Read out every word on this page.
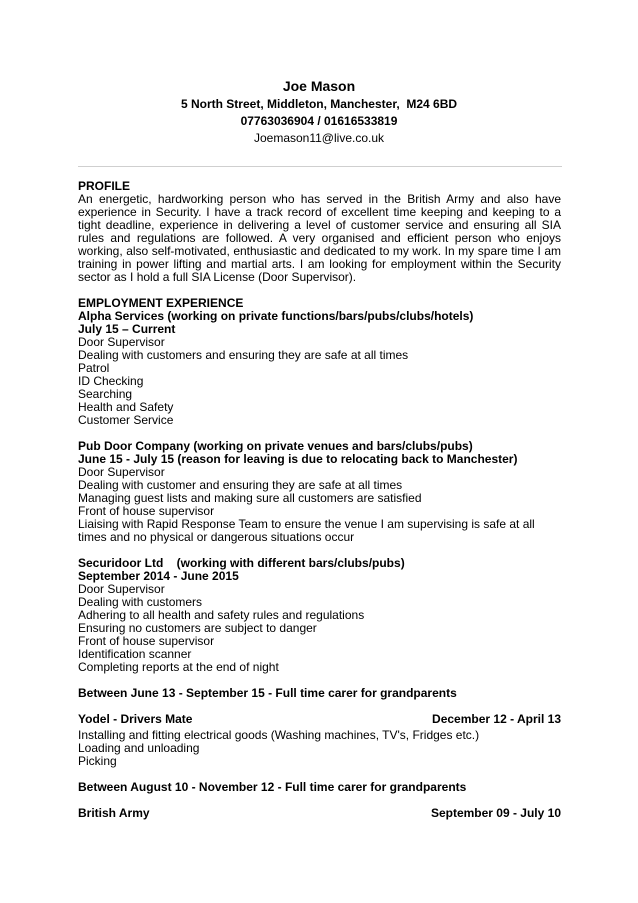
Joe Mason
5 North Street, Middleton, Manchester,  M24 6BD
07763036904 / 01616533819
Joemason11@live.co.uk
PROFILE

An energetic, hardworking person who has served in the British Army and also have experience in Security. I have a track record of excellent time keeping and keeping to a tight deadline, experience in delivering a level of customer service and ensuring all SIA rules and regulations are followed. A very organised and efficient person who enjoys working, also self-motivated, enthusiastic and dedicated to my work. In my spare time I am training in power lifting and martial arts. I am looking for employment within the Security sector as I hold a full SIA License (Door Supervisor).

EMPLOYMENT EXPERIENCE
Alpha Services (working on private functions/bars/pubs/clubs/hotels)
July 15 – Current
Door Supervisor
Dealing with customers and ensuring they are safe at all times
Patrol
ID Checking
Searching
Health and Safety
Customer Service
Pub Door Company (working on private venues and bars/clubs/pubs)
June 15 - July 15 (reason for leaving is due to relocating back to Manchester)
Door Supervisor
Dealing with customer and ensuring they are safe at all times
Managing guest lists and making sure all customers are satisfied
Front of house supervisor
Liaising with Rapid Response Team to ensure the venue I am supervising is safe at all times and no physical or dangerous situations occur
Securidoor Ltd    (working with different bars/clubs/pubs)
September 2014 - June 2015
Door Supervisor
Dealing with customers
Adhering to all health and safety rules and regulations
Ensuring no customers are subject to danger
Front of house supervisor
Identification scanner
Completing reports at the end of night
Between June 13 - September 15 - Full time carer for grandparents
Yodel - Drivers Mate	December 12 - April 13
Installing and fitting electrical goods (Washing machines, TV's, Fridges etc.)
Loading and unloading
Picking
Between August 10 - November 12 - Full time carer for grandparents
British Army	September 09 - July 10
